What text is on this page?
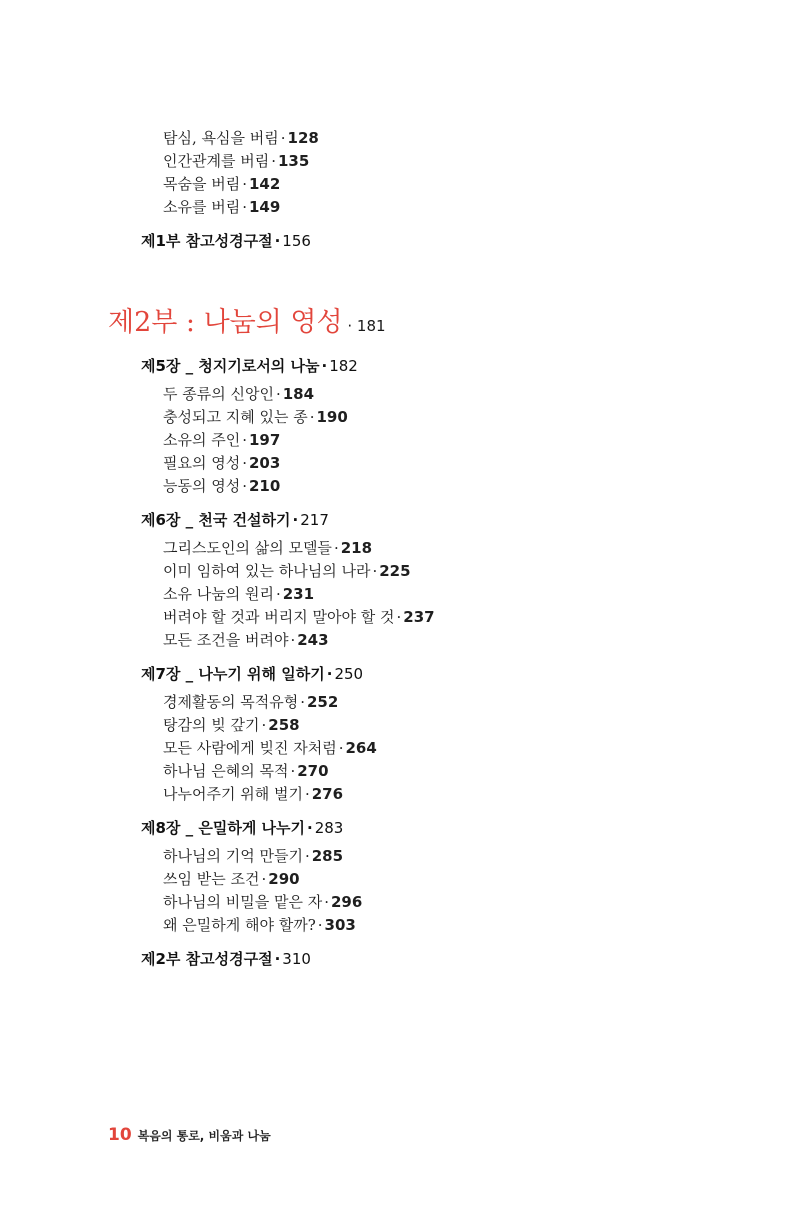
탐심, 욕심을 버림 · 128
인간관계를 버림 · 135
목숨을 버림 · 142
소유를 버림 · 149
제1부 참고성경구절 · 156
제2부 : 나눔의 영성 · 181
제5장 _ 청지기로서의 나눔 · 182
두 종류의 신앙인 · 184
충성되고 지혜 있는 종 · 190
소유의 주인 · 197
필요의 영성 · 203
능동의 영성 · 210
제6장 _ 천국 건설하기 · 217
그리스도인의 삶의 모델들 · 218
이미 임하여 있는 하나님의 나라 · 225
소유 나눔의 원리 · 231
버려야 할 것과 버리지 말아야 할 것 · 237
모든 조건을 버려야 · 243
제7장 _ 나누기 위해 일하기 · 250
경제활동의 목적유형 · 252
탕감의 빚 갚기 · 258
모든 사람에게 빚진 자처럼 · 264
하나님 은혜의 목적 · 270
나누어주기 위해 벌기 · 276
제8장 _ 은밀하게 나누기 · 283
하나님의 기억 만들기 · 285
쓰임 받는 조건 · 290
하나님의 비밀을 맡은 자 · 296
왜 은밀하게 해야 할까? · 303
제2부 참고성경구절 · 310
10 복음의 통로, 비움과 나눔
